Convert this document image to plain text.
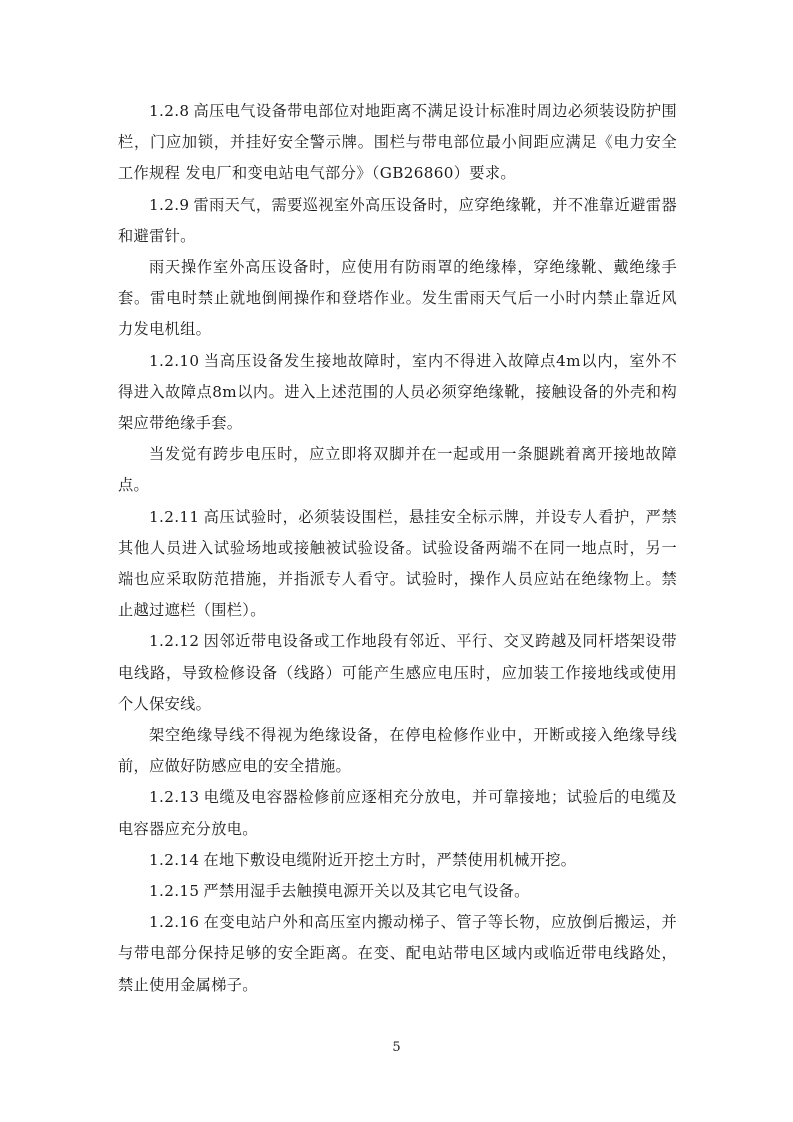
1.2.8 高压电气设备带电部位对地距离不满足设计标准时周边必须装设防护围栏，门应加锁，并挂好安全警示牌。围栏与带电部位最小间距应满足《电力安全工作规程 发电厂和变电站电气部分》（GB26860）要求。

1.2.9 雷雨天气，需要巡视室外高压设备时，应穿绝缘靴，并不准靠近避雷器和避雷针。

雨天操作室外高压设备时，应使用有防雨罩的绝缘棒，穿绝缘靴、戴绝缘手套。雷电时禁止就地倒闸操作和登塔作业。发生雷雨天气后一小时内禁止靠近风力发电机组。

1.2.10 当高压设备发生接地故障时，室内不得进入故障点4m以内，室外不得进入故障点8m以内。进入上述范围的人员必须穿绝缘靴，接触设备的外壳和构架应带绝缘手套。

当发觉有跨步电压时，应立即将双脚并在一起或用一条腿跳着离开接地故障点。

1.2.11 高压试验时，必须装设围栏，悬挂安全标示牌，并设专人看护，严禁其他人员进入试验场地或接触被试验设备。试验设备两端不在同一地点时，另一端也应采取防范措施，并指派专人看守。试验时，操作人员应站在绝缘物上。禁止越过遮栏（围栏）。

1.2.12 因邻近带电设备或工作地段有邻近、平行、交叉跨越及同杆塔架设带电线路，导致检修设备（线路）可能产生感应电压时，应加装工作接地线或使用个人保安线。

架空绝缘导线不得视为绝缘设备，在停电检修作业中，开断或接入绝缘导线前，应做好防感应电的安全措施。

1.2.13 电缆及电容器检修前应逐相充分放电，并可靠接地；试验后的电缆及电容器应充分放电。

1.2.14 在地下敷设电缆附近开挖土方时，严禁使用机械开挖。

1.2.15 严禁用湿手去触摸电源开关以及其它电气设备。

1.2.16 在变电站户外和高压室内搬动梯子、管子等长物，应放倒后搬运，并与带电部分保持足够的安全距离。在变、配电站带电区域内或临近带电线路处，禁止使用金属梯子。

5
